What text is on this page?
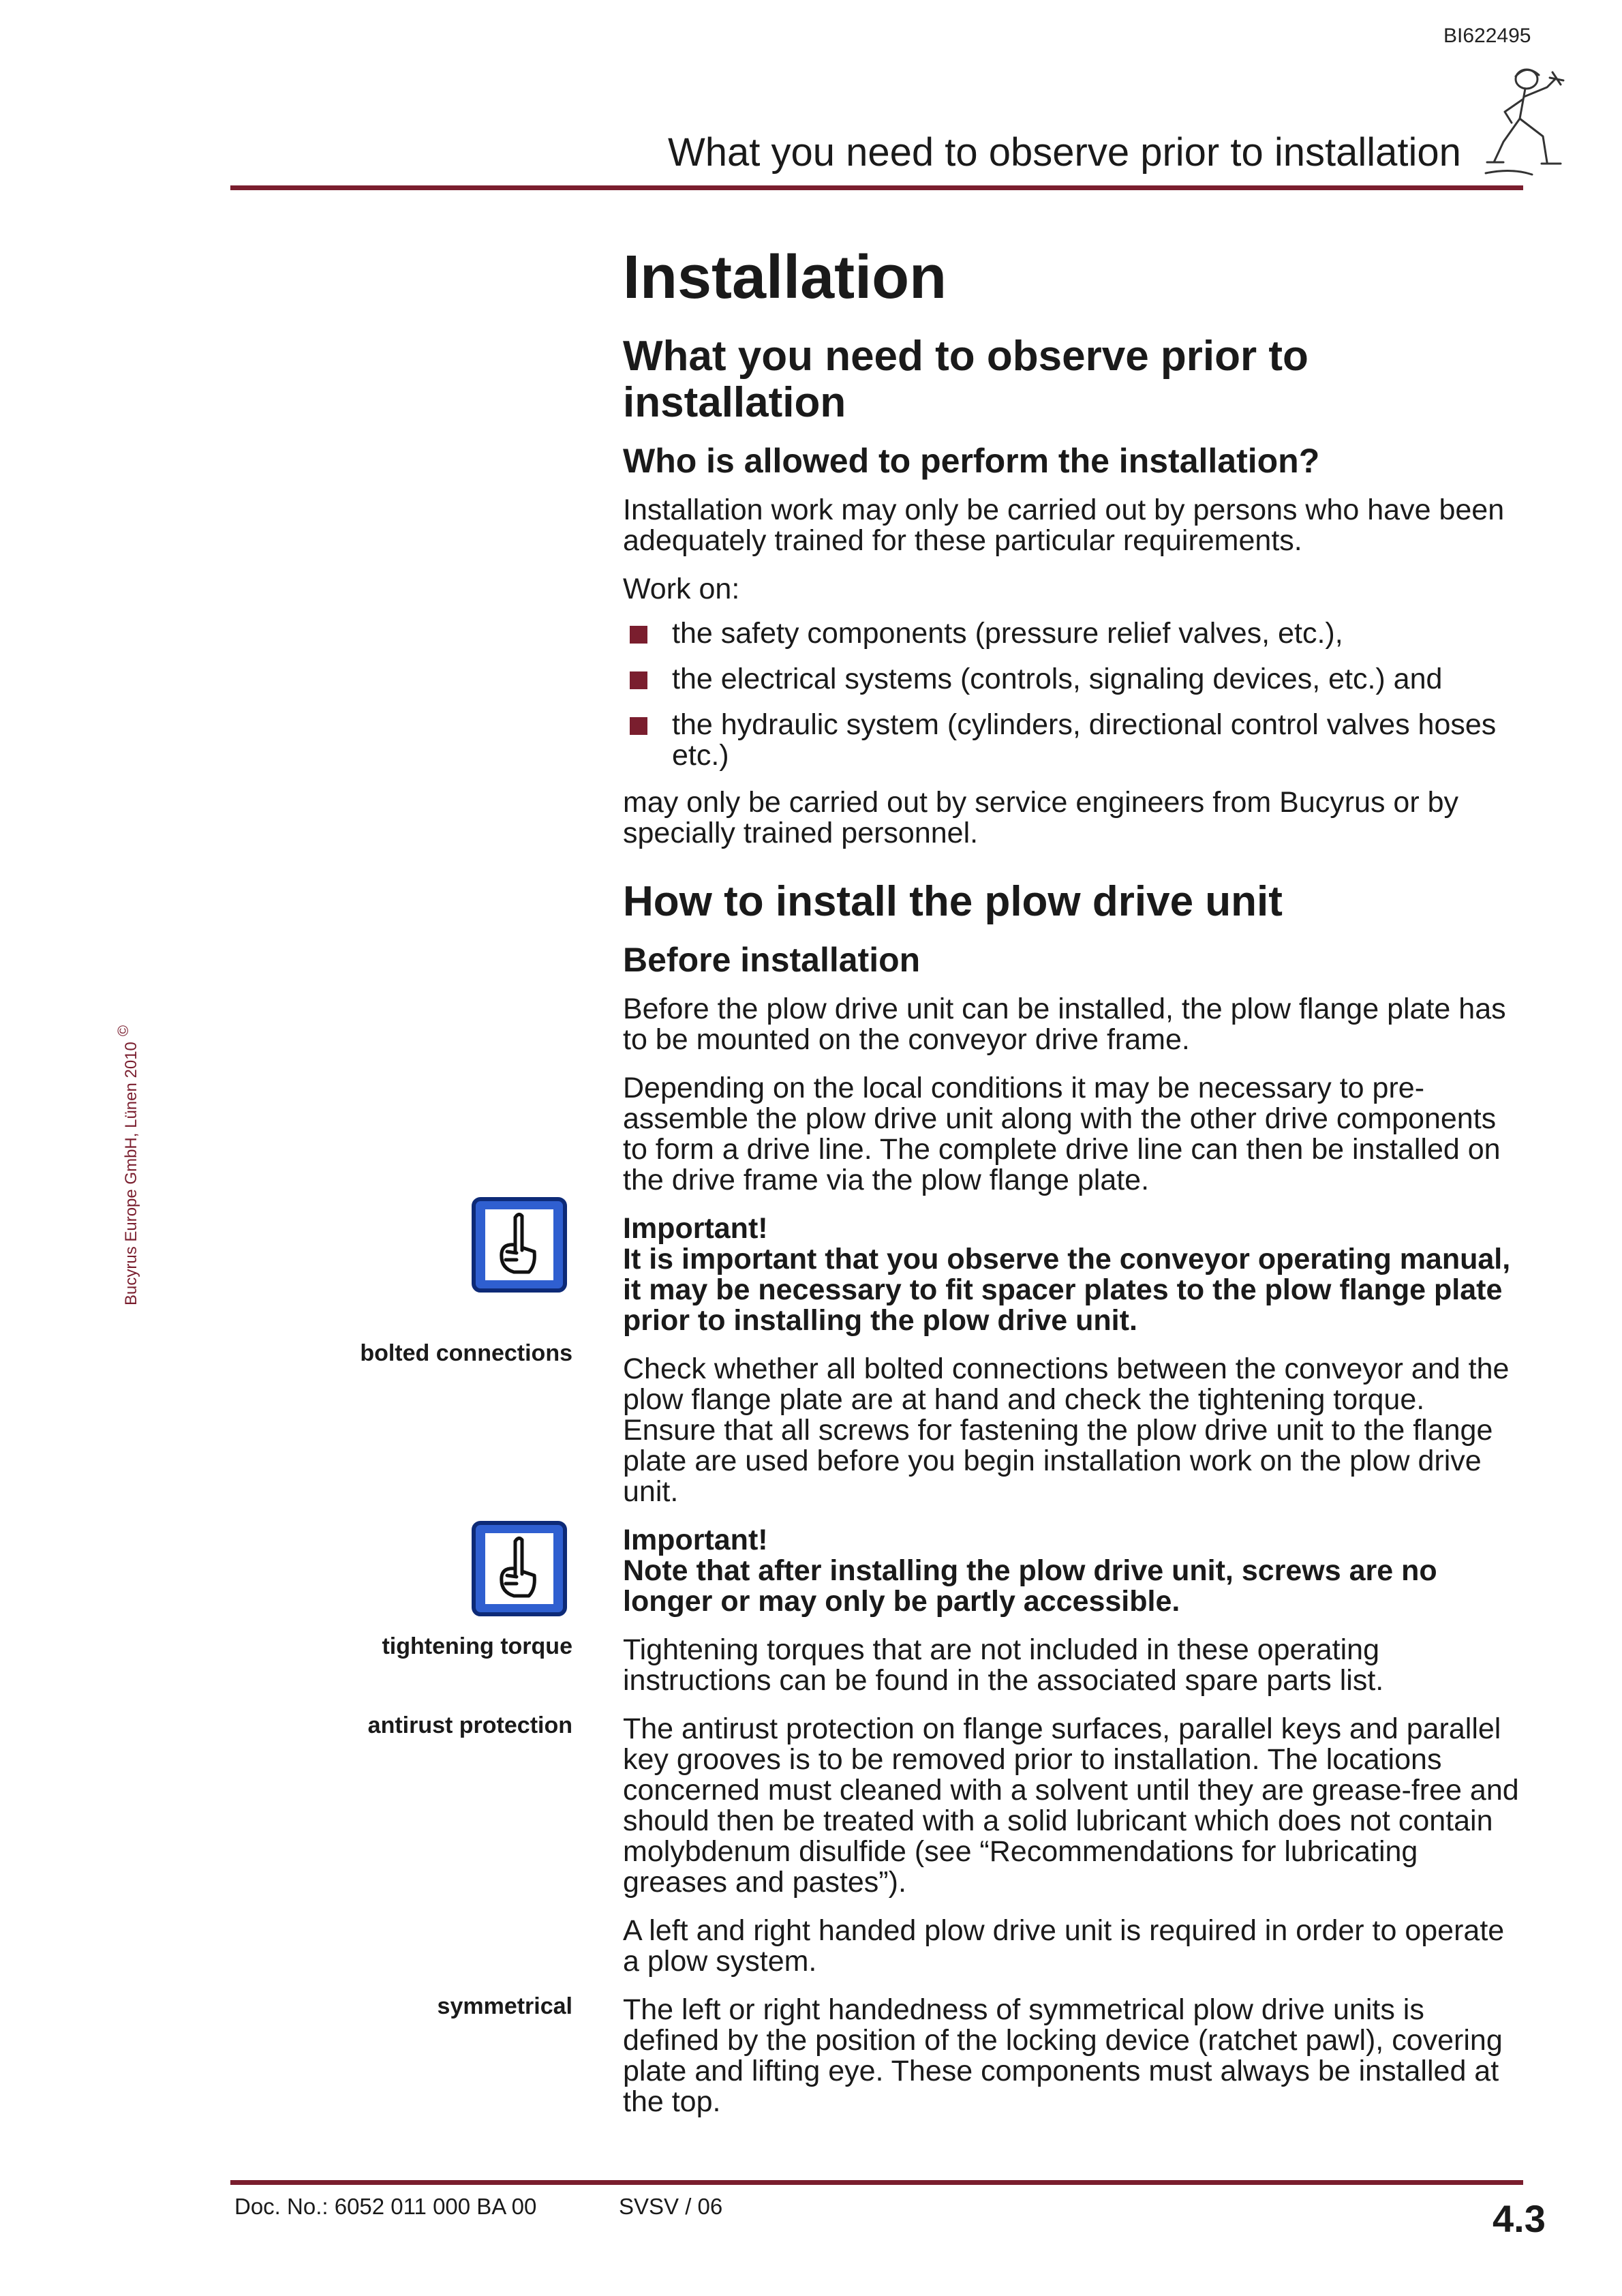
BI622495
What you need to observe prior to installation
Bucyrus Europe GmbH, Lünen 2010©
bolted connections
tightening torque
antirust protection
symmetrical
Installation
What you need to observe prior to installation
Who is allowed to perform the installation?

Installation work may only be carried out by persons who have been adequately trained for these particular requirements.

Work on:

the safety components (pressure relief valves, etc.),
the electrical systems (controls, signaling devices, etc.) and
the hydraulic system (cylinders, directional control valves hoses etc.)

may only be carried out by service engineers from Bucyrus or by specially trained personnel.

How to install the plow drive unit
Before installation

Before the plow drive unit can be installed, the plow flange plate has to be mounted on the conveyor drive frame.

Depending on the local conditions it may be necessary to pre-assemble the plow drive unit along with the other drive components to form a drive line. The complete drive line can then be installed on the drive frame via the plow flange plate.

Important!
It is important that you observe the conveyor operating manual, it may be necessary to fit spacer plates to the plow flange plate prior to installing the plow drive unit.

Check whether all bolted connections between the conveyor and the plow flange plate are at hand and check the tightening torque. Ensure that all screws for fastening the plow drive unit to the flange plate are used before you begin installation work on the plow drive unit.

Important!
Note that after installing the plow drive unit, screws are no longer or may only be partly accessible.

Tightening torques that are not included in these operating instructions can be found in the associated spare parts list.

The antirust protection on flange surfaces, parallel keys and parallel key grooves is to be removed prior to installation. The locations concerned must cleaned with a solvent until they are grease-free and should then be treated with a solid lubricant which does not contain molybdenum disulfide (see “Recommendations for lubricating greases and pastes”).

A left and right handed plow drive unit is required in order to operate a plow system.

The left or right handedness of symmetrical plow drive units is defined by the position of the locking device (ratchet pawl), covering plate and lifting eye. These components must always be installed at the top.

Doc. No.: 6052 011 000 BA 00	SVSV / 06	4.3
